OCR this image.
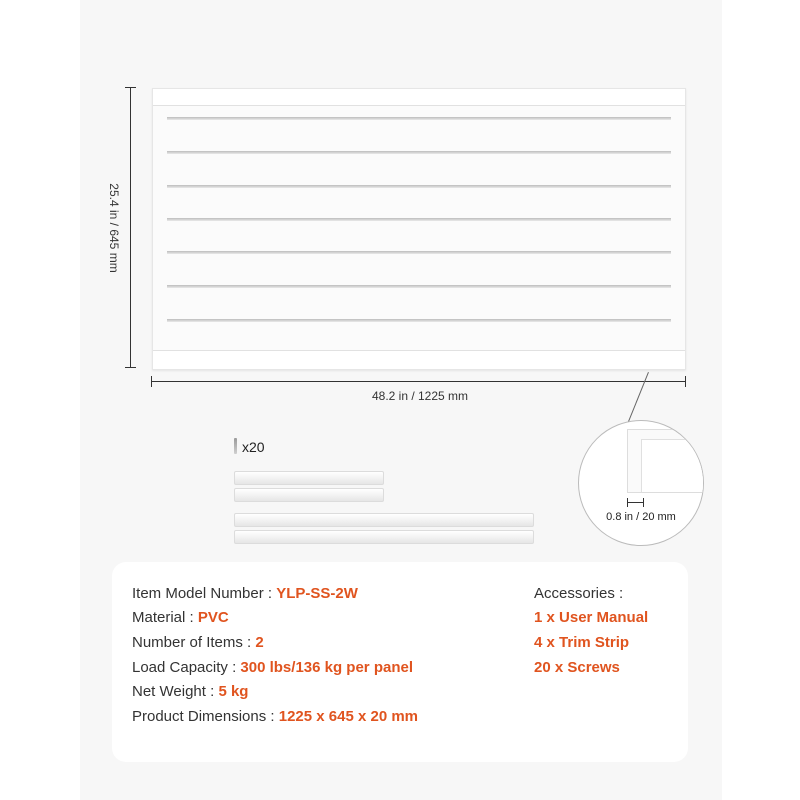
25.4 in / 645 mm
48.2 in / 1225 mm
0.8 in / 20 mm
x20
Item Model Number : YLP-SS-2W
Material : PVC
Number of Items : 2
Load Capacity : 300 lbs/136 kg per panel
Net Weight : 5 kg
Product Dimensions : 1225 x 645 x 20 mm
Accessories :
1 x User Manual
4 x Trim Strip
20 x Screws
